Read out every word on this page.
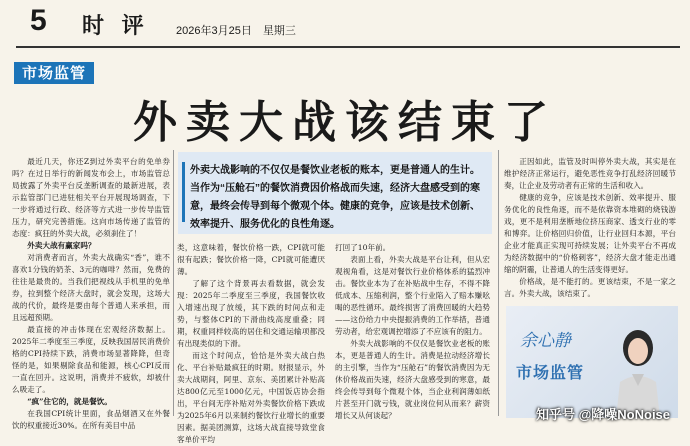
5 时 评 2026年3月25日　星期三
市场监管
外卖大战该结束了

最近几天，你还Z到过外卖平台的免单券吗？在过日举行的新闻发布会上，市场监管总局披露了外卖平台反垄断调查的最新进展，表示监管部门已进驻相关平台开展现场调查，下一步将通过行政、经济等方式进一步传导监管压力，研究完善措施。这向市场传递了监管的态度：疯狂的外卖大战，必须刹住了！

外卖大战有赢家吗？

对消费者而言，外卖大战确实“香”，谁不喜欢1分钱的奶茶、3元的咖啡？然而，免费的往往是最贵的。当我们把视线从手机里的免单券，拉到整个经济大盘时，就会发现，这场大战的代价，最终是要由每个普通人来承担，而且远超预期。

最直接的冲击体现在宏观经济数据上。2025年二季度至三季度，反映我国居民消费价格的CPI持续下跌，消费市场显著降降，但奇怪的是，如果剔除食品和能源，核心CPI反而一直在回升。这说明，消费并不疲软，却被什么吸走了。

“疯”住它的，就是餐饮。

在我国CPI统计里面，食品烟酒又在外餐饮的权重接近30%。在所有美目中品

外卖大战影响的不仅仅是餐饮业老板的账本，更是普通人的生计。当作为“压舱石”的餐饮消费因价格战而失速，经济大盘感受到的寒意，最终会传导到每个微观个体。健康的竞争，应该是技术创新、效率提升、服务优化的良性角逐。

类，这意味着，餐饮价格一跌，CPI就可能很有起跌；餐饮价格一降，CPI就可能遭厌薄。

了解了这个背景再去看数据，就会发现：2025年二季度至三季度，我国餐饮收入增速出现了放缓，其下跌的时间点和走势，与整体CPI的下滑曲线高度重叠；同期，权重同样较高的居住和交通运输项都没有出现类似的下滑。

而这个时间点，恰恰是外卖大战白热化、平台补贴最疯狂的时期。财报显示，外卖大战期间，阿里、京东、美团累计补贴高达800亿元至1000亿元，中国饭店协会指出，平台间无序补贴对外卖餐饮价格下跌成为2025年6月以来制约餐饮行业增长的重要因素。据美团测算，这场大战直接导致堂食客单价平均

打回了10年前。

表面上看，外卖大战是平台让利，但从宏观视角看，这是对餐饮行业价格体系的猛烈冲击。餐饮业本为了在补贴战中生存，不得不降低成本、压缩利润，整个行业陷入了赔本赚吆喝的恶性循环。最终损害了消费回暖的大趋势——这份给力中央提振消费的工作举措，普通劳动者，给宏观调控增添了不应该有的阻力。

外卖大战影响的不仅仅是餐饮业老板的账本，更是普通人的生计。消费是拉动经济增长的主引擎，当作为“压舱石”的餐饮消费因为无休价格战而失速，经济大盘感受到的寒意，最终会传导到每个微观个体，当企业利润薄如纸片甚至开门就亏钱，就业岗位何从而来？薪资增长又从何谈起？

正因如此，监管及时叫停外卖大战，其实是在维护经济正常运行，避免恶性竞争打乱经济回暖节奏，让企业及劳动者有正常的生活和收入。

健康的竞争，应该是技术创新、效率提升、服务优化的良性角逐，而不是依靠资本堆砌的烧钱游戏，更不是利用垄断地位挤压商家、透支行业的零和博弈。让价格回归价值，让行业回归本源，平台企业才能真正实现可持续发展；让外卖平台不再成为经济数据中的“价格刺客”，经济大盘才能走出通缩的阴霾，让普通人的生活变得更好。

价格战，是不能打的。更该结束，不是一家之言。外卖大战，该结束了。

余心静
市场监管
知乎号 @降噪NoNoise
